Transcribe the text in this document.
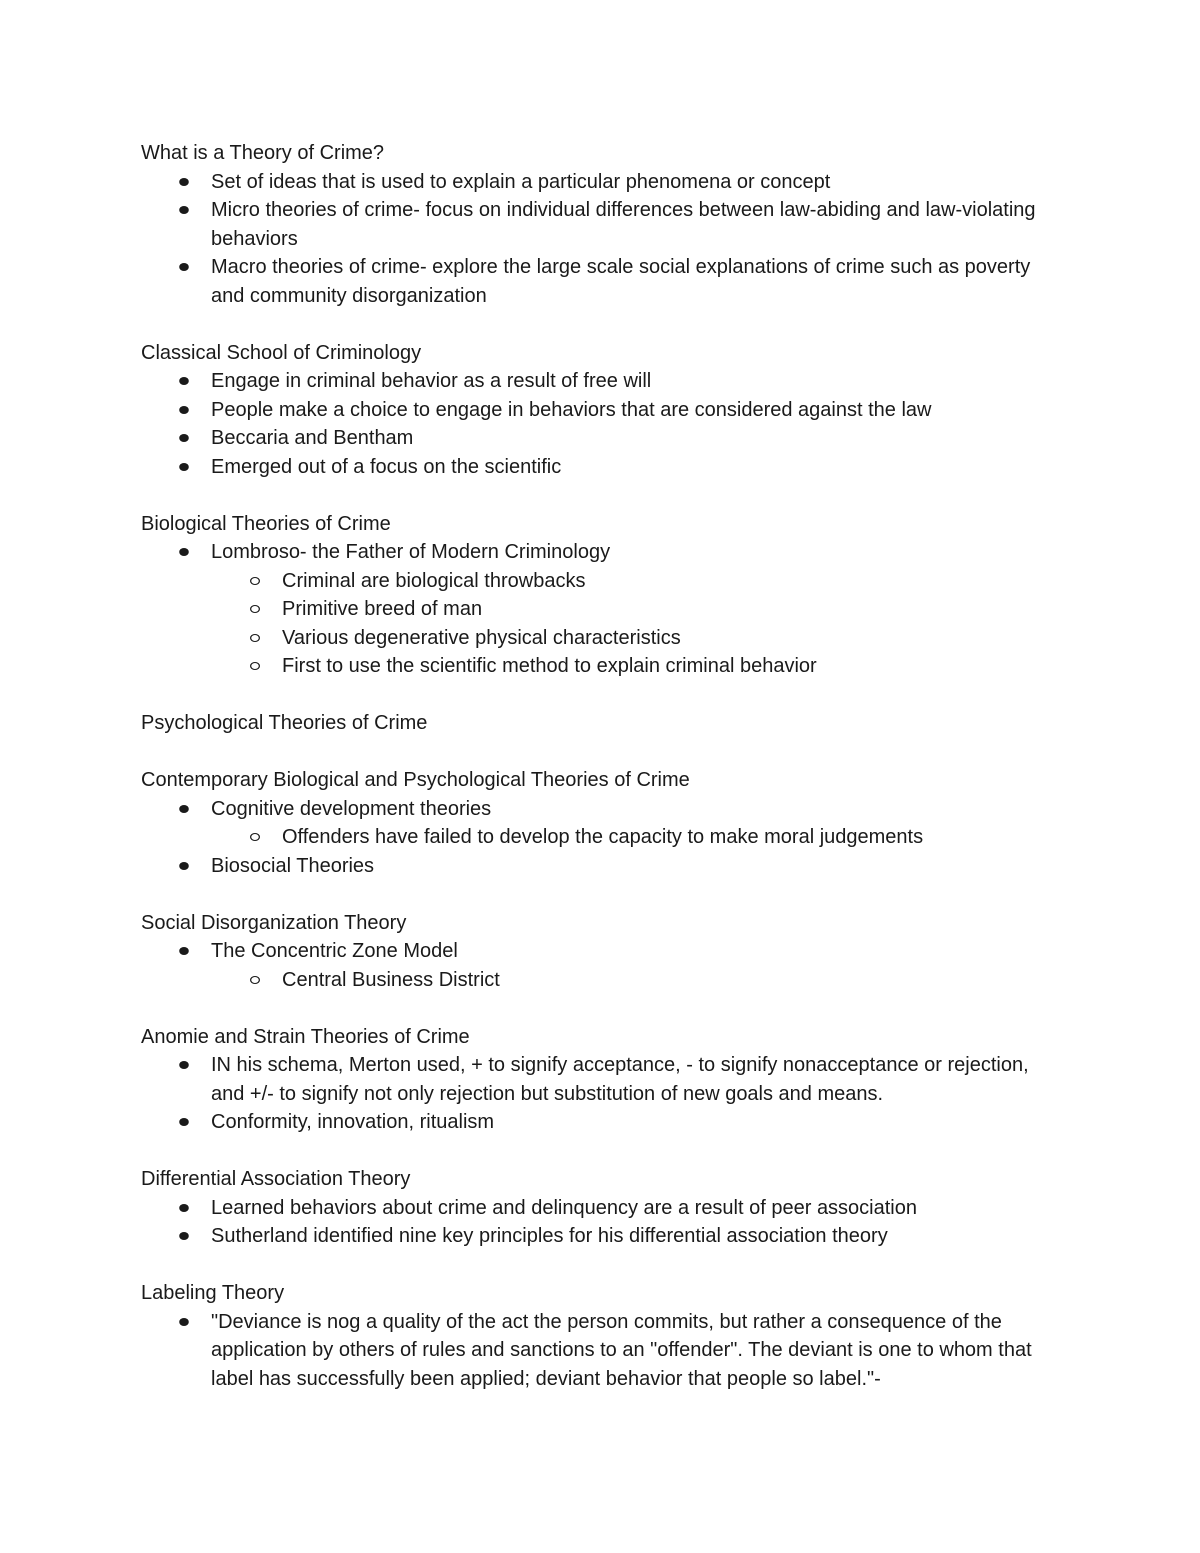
What is a Theory of Crime?
Set of ideas that is used to explain a particular phenomena or concept
Micro theories of crime- focus on individual differences between law-abiding and law-violating behaviors
Macro theories of crime- explore the large scale social explanations of crime such as poverty and community disorganization
Classical School of Criminology
Engage in criminal behavior as a result of free will
People make a choice to engage in behaviors that are considered against the law
Beccaria and Bentham
Emerged out of a focus on the scientific
Biological Theories of Crime
Lombroso- the Father of Modern Criminology
Criminal are biological throwbacks
Primitive breed of man
Various degenerative physical characteristics
First to use the scientific method to explain criminal behavior
Psychological Theories of Crime
Contemporary Biological and Psychological Theories of Crime
Cognitive development theories
Offenders have failed to develop the capacity to make moral judgements
Biosocial Theories
Social Disorganization Theory
The Concentric Zone Model
Central Business District
Anomie and Strain Theories of Crime
IN his schema, Merton used, + to signify acceptance, - to signify nonacceptance or rejection, and +/- to signify not only rejection but substitution of new goals and means.
Conformity, innovation, ritualism
Differential Association Theory
Learned behaviors about crime and delinquency are a result of peer association
Sutherland identified nine key principles for his differential association theory
Labeling Theory
"Deviance is nog a quality of the act the person commits, but rather a consequence of the application by others of rules and sanctions to an "offender". The deviant is one to whom that label has successfully been applied; deviant behavior that people so label."-
